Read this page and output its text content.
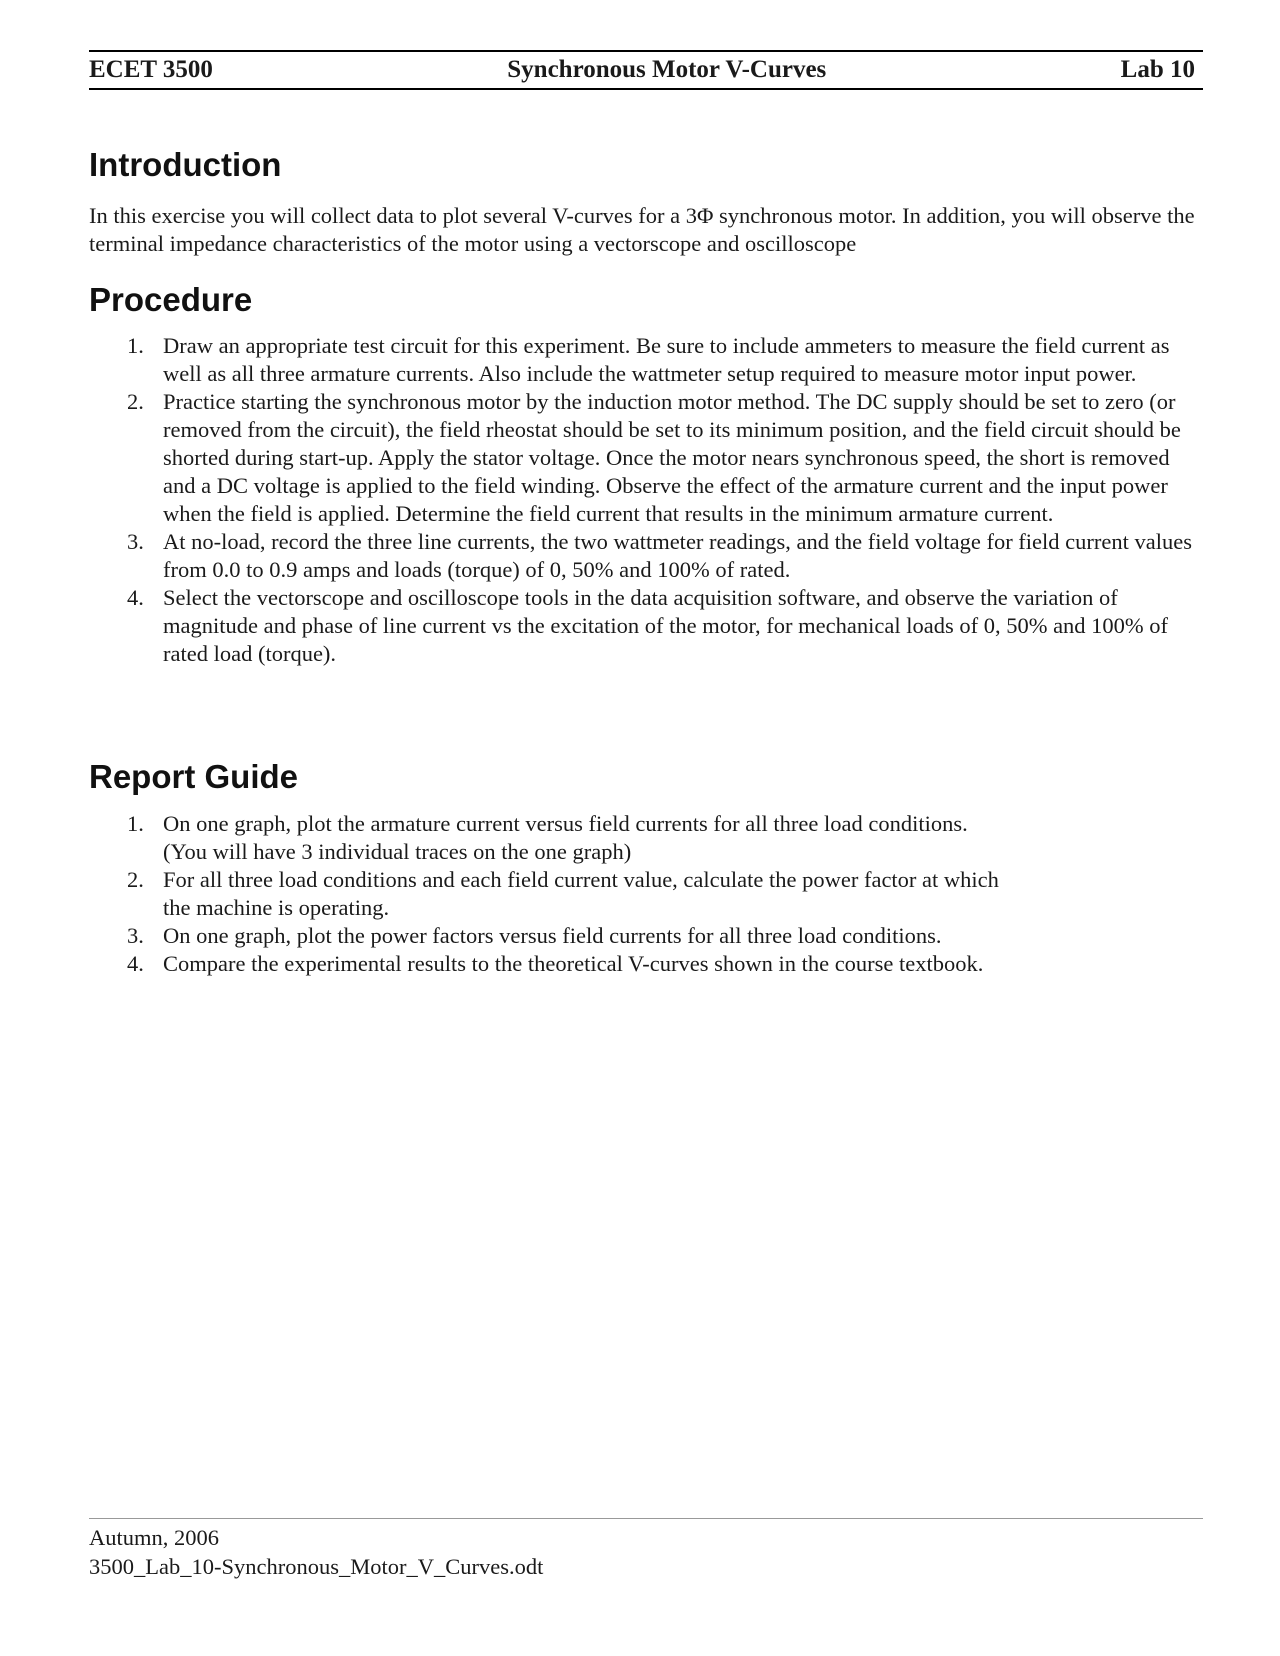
ECET 3500	Synchronous Motor V-Curves	Lab 10
Introduction

In this exercise you will collect data to plot several V-curves for a 3Φ synchronous motor. In addition, you will observe the terminal impedance characteristics of the motor using a vectorscope and oscilloscope

Procedure
1. Draw an appropriate test circuit for this experiment. Be sure to include ammeters to measure the field current as well as all three armature currents. Also include the wattmeter setup required to measure motor input power.
2. Practice starting the synchronous motor by the induction motor method. The DC supply should be set to zero (or removed from the circuit), the field rheostat should be set to its minimum position, and the field circuit should be shorted during start-up. Apply the stator voltage. Once the motor nears synchronous speed, the short is removed and a DC voltage is applied to the field winding. Observe the effect of the armature current and the input power when the field is applied. Determine the field current that results in the minimum armature current.
3. At no-load, record the three line currents, the two wattmeter readings, and the field voltage for field current values from 0.0 to 0.9 amps and loads (torque) of 0, 50% and 100% of rated.
4. Select the vectorscope and oscilloscope tools in the data acquisition software, and observe the variation of magnitude and phase of line current vs the excitation of the motor, for mechanical loads of 0, 50% and 100% of rated load (torque).
Report Guide
1. On one graph, plot the armature current versus field currents for all three load conditions.
(You will have 3 individual traces on the one graph)
2. For all three load conditions and each field current value, calculate the power factor at which
the machine is operating.
3. On one graph, plot the power factors versus field currents for all three load conditions.
4. Compare the experimental results to the theoretical V-curves shown in the course textbook.
Autumn, 2006
3500_Lab_10-Synchronous_Motor_V_Curves.odt
